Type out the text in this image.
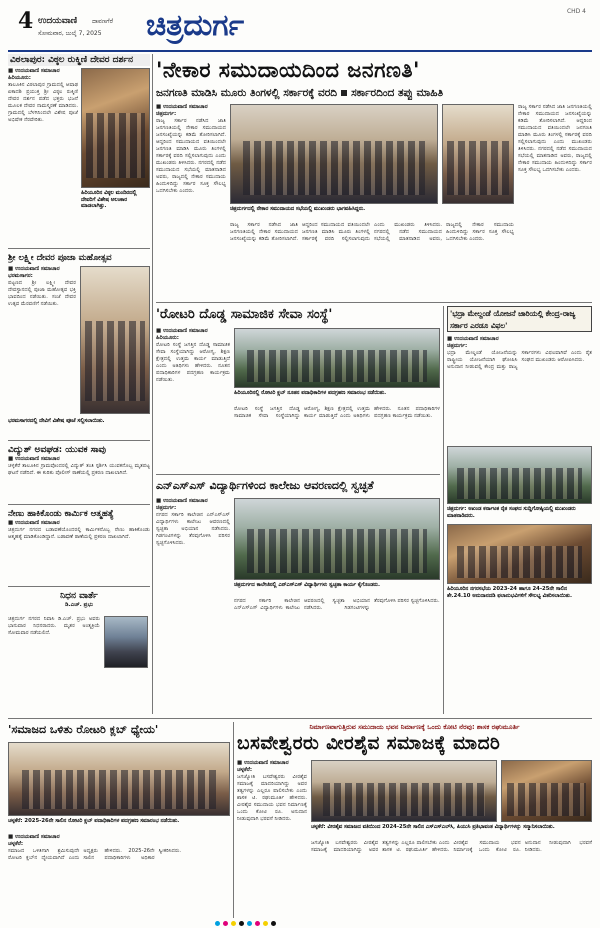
4 ಉದಯವಾಣಿ ದಾವಣಗೆರೆ
ಸೋಮವಾರ, ಜುಲೈ 7, 2025	ಚಿತ್ರದುರ್ಗ	CHD 4
ವಿಠಲಾಪುರ: ವಿಠ್ಠಲ ರುಕ್ಮಿಣಿ ದೇವರ ದರ್ಶನ
■ ಉದಯವಾಣಿ ಸಮಾಚಾರ
ಹಿರಿಯೂರು:
ತಾಲೂಕಿನ ವಿಠಲಾಪುರ ಗ್ರಾಮದಲ್ಲಿ ಆಷಾಢ ಏಕಾದಶಿ ಪ್ರಯುಕ್ತ ಶ್ರೀ ವಿಠ್ಠಲ ರುಕ್ಮಿಣಿ ದೇವರ ದರ್ಶನ ಪಡೆದ ಭಕ್ತರು ಭಜನೆ ಮೂಲಕ ದೇವರ ನಾಮಸ್ಮರಣೆ ಮಾಡಿದರು. ಗ್ರಾಮದಲ್ಲಿ ಬೆಳಗಿನಿಂದಲೇ ವಿಶೇಷ ಪೂಜೆ ಅಭಿಷೇಕ ನೆರವೇರಿತು.
ಹಿರಿಯೂರಿನ ವಿಠ್ಠಲ ಮಂದಿರದಲ್ಲಿ ದೇವರಿಗೆ ವಿಶೇಷ ಅಲಂಕಾರ ಮಾಡಲಾಗಿತ್ತು.
ಶ್ರೀ ಲಕ್ಷ್ಮೀ ದೇವರ ಪೂಜಾ ಮಹೋತ್ಸವ
■ ಉದಯವಾಣಿ ಸಮಾಚಾರ
ಭರಮಸಾಗರ:
ಪಟ್ಟಣದ ಶ್ರೀ ಲಕ್ಷ್ಮೀ ದೇವರ ದೇವಸ್ಥಾನದಲ್ಲಿ ಪೂಜಾ ಮಹೋತ್ಸವ ಭಕ್ತಿ ಭಾವದಿಂದ ನಡೆಯಿತು. ಸಂಜೆ ದೇವರ ಉತ್ಸವ ಮೆರವಣಿಗೆ ನಡೆಯಿತು.
ಭರಮಸಾಗರದಲ್ಲಿ ದೇವಿಗೆ ವಿಶೇಷ ಪೂಜೆ ಸಲ್ಲಿಸಲಾಯಿತು.
ವಿದ್ಯುತ್ ಅವಘಡ: ಯುವಕ ಸಾವು
■ ಉದಯವಾಣಿ ಸಮಾಚಾರ
ಚಳ್ಳಕೆರೆ ತಾಲೂಕಿನ ಗ್ರಾಮವೊಂದರಲ್ಲಿ ವಿದ್ಯುತ್ ತಂತಿ ಸ್ಪರ್ಶಿಸಿ ಯುವಕನೊಬ್ಬ ಮೃತಪಟ್ಟ ಘಟನೆ ನಡೆದಿದೆ. ಈ ಕುರಿತು ಪೊಲೀಸ್ ಠಾಣೆಯಲ್ಲಿ ಪ್ರಕರಣ ದಾಖಲಾಗಿದೆ.
ನೇಣು ಹಾಕಿಕೊಂಡು ಕಾರ್ಮಿಕ ಆತ್ಮಹತ್ಯೆ
■ ಉದಯವಾಣಿ ಸಮಾಚಾರ
ಚಿತ್ರದುರ್ಗ ನಗರದ ಬಡಾವಣೆಯೊಂದರಲ್ಲಿ ಕಾರ್ಮಿಕನೊಬ್ಬ ನೇಣು ಹಾಕಿಕೊಂಡು ಆತ್ಮಹತ್ಯೆ ಮಾಡಿಕೊಂಡಿದ್ದಾನೆ. ಬಡಾವಣೆ ಠಾಣೆಯಲ್ಲಿ ಪ್ರಕರಣ ದಾಖಲಾಗಿದೆ.
ನಿಧನ ವಾರ್ತೆ
ಡಿ.ಎಚ್. ಪ್ರಭು
ಚಿತ್ರದುರ್ಗ ನಗರದ ನಿವಾಸಿ ಡಿ.ಎಚ್. ಪ್ರಭು ಅವರು ಭಾನುವಾರ ನಿಧನರಾದರು. ಮೃತರ ಅಂತ್ಯಕ್ರಿಯೆ ಸೋಮವಾರ ನಡೆಯಲಿದೆ.
'ನೇಕಾರ ಸಮುದಾಯದಿಂದ ಜನಗಣತಿ'
ಜನಗಣತಿ ಮಾಡಿಸಿ ಮೂರು ತಿಂಗಳಲ್ಲಿ ಸರ್ಕಾರಕ್ಕೆ ವರದಿ ಸರ್ಕಾರದಿಂದ ತಪ್ಪು ಮಾಹಿತಿ
■ ಉದಯವಾಣಿ ಸಮಾಚಾರ
ಚಿತ್ರದುರ್ಗ:
ರಾಜ್ಯ ಸರ್ಕಾರ ನಡೆಸಿದ ಜಾತಿ ಜನಗಣತಿಯಲ್ಲಿ ನೇಕಾರ ಸಮುದಾಯದ ಜನಸಂಖ್ಯೆಯನ್ನು ಕಡಿಮೆ ತೋರಿಸಲಾಗಿದೆ. ಆದ್ದರಿಂದ ಸಮುದಾಯದ ವತಿಯಿಂದಲೇ ಜನಗಣತಿ ಮಾಡಿಸಿ ಮೂರು ತಿಂಗಳಲ್ಲಿ ಸರ್ಕಾರಕ್ಕೆ ವರದಿ ಸಲ್ಲಿಸಲಾಗುವುದು ಎಂದು ಮುಖಂಡರು ತಿಳಿಸಿದರು. ನಗರದಲ್ಲಿ ನಡೆದ ಸಮುದಾಯದ ಸಭೆಯಲ್ಲಿ ಮಾತನಾಡಿದ ಅವರು, ರಾಜ್ಯದಲ್ಲಿ ನೇಕಾರ ಸಮುದಾಯ ಹಿಂದುಳಿದಿದ್ದು ಸರ್ಕಾರ ಸೂಕ್ತ ಸೌಲಭ್ಯ ಒದಗಿಸಬೇಕು ಎಂದರು.
ಚಿತ್ರದುರ್ಗದಲ್ಲಿ ನೇಕಾರ ಸಮುದಾಯದ ಸಭೆಯಲ್ಲಿ ಮುಖಂಡರು ಭಾಗವಹಿಸಿದ್ದರು.
ರಾಜ್ಯ ಸರ್ಕಾರ ನಡೆಸಿದ ಜಾತಿ ಜನಗಣತಿಯಲ್ಲಿ ನೇಕಾರ ಸಮುದಾಯದ ಜನಸಂಖ್ಯೆಯನ್ನು ಕಡಿಮೆ ತೋರಿಸಲಾಗಿದೆ. ಆದ್ದರಿಂದ ಸಮುದಾಯದ ವತಿಯಿಂದಲೇ ಜನಗಣತಿ ಮಾಡಿಸಿ ಮೂರು ತಿಂಗಳಲ್ಲಿ ಸರ್ಕಾರಕ್ಕೆ ವರದಿ ಸಲ್ಲಿಸಲಾಗುವುದು ಎಂದು ಮುಖಂಡರು ತಿಳಿಸಿದರು. ನಗರದಲ್ಲಿ ನಡೆದ ಸಮುದಾಯದ ಸಭೆಯಲ್ಲಿ ಮಾತನಾಡಿದ ಅವರು, ರಾಜ್ಯದಲ್ಲಿ ನೇಕಾರ ಸಮುದಾಯ ಹಿಂದುಳಿದಿದ್ದು ಸರ್ಕಾರ ಸೂಕ್ತ ಸೌಲಭ್ಯ ಒದಗಿಸಬೇಕು ಎಂದರು.
ರಾಜ್ಯ ಸರ್ಕಾರ ನಡೆಸಿದ ಜಾತಿ ಜನಗಣತಿಯಲ್ಲಿ ನೇಕಾರ ಸಮುದಾಯದ ಜನಸಂಖ್ಯೆಯನ್ನು ಕಡಿಮೆ ತೋರಿಸಲಾಗಿದೆ. ಆದ್ದರಿಂದ ಸಮುದಾಯದ ವತಿಯಿಂದಲೇ ಜನಗಣತಿ ಮಾಡಿಸಿ ಮೂರು ತಿಂಗಳಲ್ಲಿ ಸರ್ಕಾರಕ್ಕೆ ವರದಿ ಸಲ್ಲಿಸಲಾಗುವುದು ಎಂದು ಮುಖಂಡರು ತಿಳಿಸಿದರು. ನಗರದಲ್ಲಿ ನಡೆದ ಸಮುದಾಯದ ಸಭೆಯಲ್ಲಿ ಮಾತನಾಡಿದ ಅವರು, ರಾಜ್ಯದಲ್ಲಿ ನೇಕಾರ ಸಮುದಾಯ ಹಿಂದುಳಿದಿದ್ದು ಸರ್ಕಾರ ಸೂಕ್ತ ಸೌಲಭ್ಯ ಒದಗಿಸಬೇಕು ಎಂದರು.
'ರೋಟರಿ ದೊಡ್ಡ ಸಾಮಾಜಿಕ ಸೇವಾ ಸಂಸ್ಥೆ'
■ ಉದಯವಾಣಿ ಸಮಾಚಾರ
ಹಿರಿಯೂರು:
ರೋಟರಿ ಸಂಸ್ಥೆ ಜಗತ್ತಿನ ದೊಡ್ಡ ಸಾಮಾಜಿಕ ಸೇವಾ ಸಂಸ್ಥೆಯಾಗಿದ್ದು ಆರೋಗ್ಯ, ಶಿಕ್ಷಣ ಕ್ಷೇತ್ರದಲ್ಲಿ ಉತ್ತಮ ಕಾರ್ಯ ಮಾಡುತ್ತಿದೆ ಎಂದು ಅತಿಥಿಗಳು ಹೇಳಿದರು. ನೂತನ ಪದಾಧಿಕಾರಿಗಳ ಪದಗ್ರಹಣ ಕಾರ್ಯಕ್ರಮ ನಡೆಯಿತು.
ಹಿರಿಯೂರಿನಲ್ಲಿ ರೋಟರಿ ಕ್ಲಬ್ ನೂತನ ಪದಾಧಿಕಾರಿಗಳ ಪದಗ್ರಹಣ ಸಮಾರಂಭ ನಡೆಯಿತು.
ರೋಟರಿ ಸಂಸ್ಥೆ ಜಗತ್ತಿನ ದೊಡ್ಡ ಸಾಮಾಜಿಕ ಸೇವಾ ಸಂಸ್ಥೆಯಾಗಿದ್ದು ಆರೋಗ್ಯ, ಶಿಕ್ಷಣ ಕ್ಷೇತ್ರದಲ್ಲಿ ಉತ್ತಮ ಕಾರ್ಯ ಮಾಡುತ್ತಿದೆ ಎಂದು ಅತಿಥಿಗಳು ಹೇಳಿದರು. ನೂತನ ಪದಾಧಿಕಾರಿಗಳ ಪದಗ್ರಹಣ ಕಾರ್ಯಕ್ರಮ ನಡೆಯಿತು.
'ಭದ್ರಾ ಮೇಲ್ದಂಡೆ ಯೋಜನೆ ಜಾರಿಯಲ್ಲಿ ಕೇಂದ್ರ-ರಾಜ್ಯ ಸರ್ಕಾರ ಎರಡೂ ವಿಫಲ'
■ ಉದಯವಾಣಿ ಸಮಾಚಾರ
ಚಿತ್ರದುರ್ಗ:
ಭದ್ರಾ ಮೇಲ್ದಂಡೆ ಯೋಜನೆಯನ್ನು ರಾಷ್ಟ್ರೀಯ ಯೋಜನೆಯಾಗಿ ಘೋಷಿಸಿ ಅನುದಾನ ನೀಡುವಲ್ಲಿ ಕೇಂದ್ರ ಮತ್ತು ರಾಜ್ಯ ಸರ್ಕಾರಗಳು ವಿಫಲವಾಗಿವೆ ಎಂದು ರೈತ ಸಂಘದ ಮುಖಂಡರು ಆರೋಪಿಸಿದರು.
ಚಿತ್ರದುರ್ಗ: ಅಖಂಡ ಕರ್ನಾಟಕ ರೈತ ಸಂಘದ ಸುದ್ದಿಗೋಷ್ಠಿಯಲ್ಲಿ ಮುಖಂಡರು ಮಾತನಾಡಿದರು.
ಹಿರಿಯೂರಿನ ನಗರಸಭೆಯ 2023-24 ಹಾಗೂ 24-25ನೇ ಸಾಲಿನ ಶೇ.24.10 ಅನುದಾನದಡಿ ಫಲಾನುಭವಿಗಳಿಗೆ ಸೌಲಭ್ಯ ವಿತರಿಸಲಾಯಿತು.
ಎನ್ಎಸ್ಎಸ್ ವಿದ್ಯಾರ್ಥಿಗಳಿಂದ ಕಾಲೇಜು ಆವರಣದಲ್ಲಿ ಸ್ವಚ್ಛತೆ
■ ಉದಯವಾಣಿ ಸಮಾಚಾರ
ಚಿತ್ರದುರ್ಗ:
ನಗರದ ಸರ್ಕಾರಿ ಕಾಲೇಜಿನ ಎನ್ಎಸ್ಎಸ್ ವಿದ್ಯಾರ್ಥಿಗಳು ಕಾಲೇಜು ಆವರಣದಲ್ಲಿ ಸ್ವಚ್ಛತಾ ಅಭಿಯಾನ ನಡೆಸಿದರು. ಗಿಡಗಂಟಿಗಳನ್ನು ತೆರವುಗೊಳಿಸಿ ಪರಿಸರ ಸ್ವಚ್ಛಗೊಳಿಸಿದರು.
ಚಿತ್ರದುರ್ಗದ ಕಾಲೇಜಿನಲ್ಲಿ ಎನ್ಎಸ್ಎಸ್ ವಿದ್ಯಾರ್ಥಿಗಳು ಸ್ವಚ್ಛತಾ ಕಾರ್ಯ ಕೈಗೊಂಡರು.
ನಗರದ ಸರ್ಕಾರಿ ಕಾಲೇಜಿನ ಎನ್ಎಸ್ಎಸ್ ವಿದ್ಯಾರ್ಥಿಗಳು ಕಾಲೇಜು ಆವರಣದಲ್ಲಿ ಸ್ವಚ್ಛತಾ ಅಭಿಯಾನ ನಡೆಸಿದರು. ಗಿಡಗಂಟಿಗಳನ್ನು ತೆರವುಗೊಳಿಸಿ ಪರಿಸರ ಸ್ವಚ್ಛಗೊಳಿಸಿದರು.
'ಸಮಾಜದ ಒಳಿತು ರೋಟರಿ ಕ್ಲಬ್ ಧ್ಯೇಯ'
ಚಳ್ಳಕೆರೆ: 2025-26ನೇ ಸಾಲಿನ ರೋಟರಿ ಕ್ಲಬ್ ಪದಾಧಿಕಾರಿಗಳ ಪದಗ್ರಹಣ ಸಮಾರಂಭ ನಡೆಯಿತು.
■ ಉದಯವಾಣಿ ಸಮಾಚಾರ
ಚಳ್ಳಕೆರೆ:
ಸಮಾಜದ ಒಳಿತಿಗಾಗಿ ಶ್ರಮಿಸುವುದೇ ರೋಟರಿ ಕ್ಲಬ್‌ನ ಧ್ಯೇಯವಾಗಿದೆ ಎಂದು ಅಧ್ಯಕ್ಷರು ಹೇಳಿದರು. 2025-26ನೇ ಸಾಲಿನ ಪದಾಧಿಕಾರಿಗಳು ಅಧಿಕಾರ ಸ್ವೀಕರಿಸಿದರು.
ನಿರ್ಮಾಣವಾಗುತ್ತಿರುವ ಸಮುದಾಯ ಭವನ ನಿರ್ಮಾಣಕ್ಕೆ ಒಂದು ಕೋಟಿ ನೆರವು: ಶಾಸಕ ರಘುಮೂರ್ತಿ
ಬಸವೇಶ್ವರರು ವೀರಶೈವ ಸಮಾಜಕ್ಕೆ ಮಾದರಿ
■ ಉದಯವಾಣಿ ಸಮಾಚಾರ
ಚಳ್ಳಕೆರೆ:
ಜಗಜ್ಯೋತಿ ಬಸವೇಶ್ವರರು ವೀರಶೈವ ಸಮಾಜಕ್ಕೆ ಮಾದರಿಯಾಗಿದ್ದು ಅವರ ತತ್ವಗಳನ್ನು ಎಲ್ಲರೂ ಪಾಲಿಸಬೇಕು ಎಂದು ಶಾಸಕ ಟಿ. ರಘುಮೂರ್ತಿ ಹೇಳಿದರು. ವೀರಶೈವ ಸಮುದಾಯ ಭವನ ನಿರ್ಮಾಣಕ್ಕೆ ಒಂದು ಕೋಟಿ ರೂ. ಅನುದಾನ ನೀಡುವುದಾಗಿ ಭರವಸೆ ನೀಡಿದರು.
ಚಳ್ಳಕೆರೆ: ವೀರಶೈವ ಸಮಾಜದ ವತಿಯಿಂದ 2024-25ನೇ ಸಾಲಿನ ಎಸ್ಎಸ್ಎಲ್‌ಸಿ, ಪಿಯುಸಿ ಪ್ರತಿಭಾವಂತ ವಿದ್ಯಾರ್ಥಿಗಳನ್ನು ಸನ್ಮಾನಿಸಲಾಯಿತು.
ಜಗಜ್ಯೋತಿ ಬಸವೇಶ್ವರರು ವೀರಶೈವ ಸಮಾಜಕ್ಕೆ ಮಾದರಿಯಾಗಿದ್ದು ಅವರ ತತ್ವಗಳನ್ನು ಎಲ್ಲರೂ ಪಾಲಿಸಬೇಕು ಎಂದು ಶಾಸಕ ಟಿ. ರಘುಮೂರ್ತಿ ಹೇಳಿದರು. ವೀರಶೈವ ಸಮುದಾಯ ಭವನ ನಿರ್ಮಾಣಕ್ಕೆ ಒಂದು ಕೋಟಿ ರೂ. ಅನುದಾನ ನೀಡುವುದಾಗಿ ಭರವಸೆ ನೀಡಿದರು.
